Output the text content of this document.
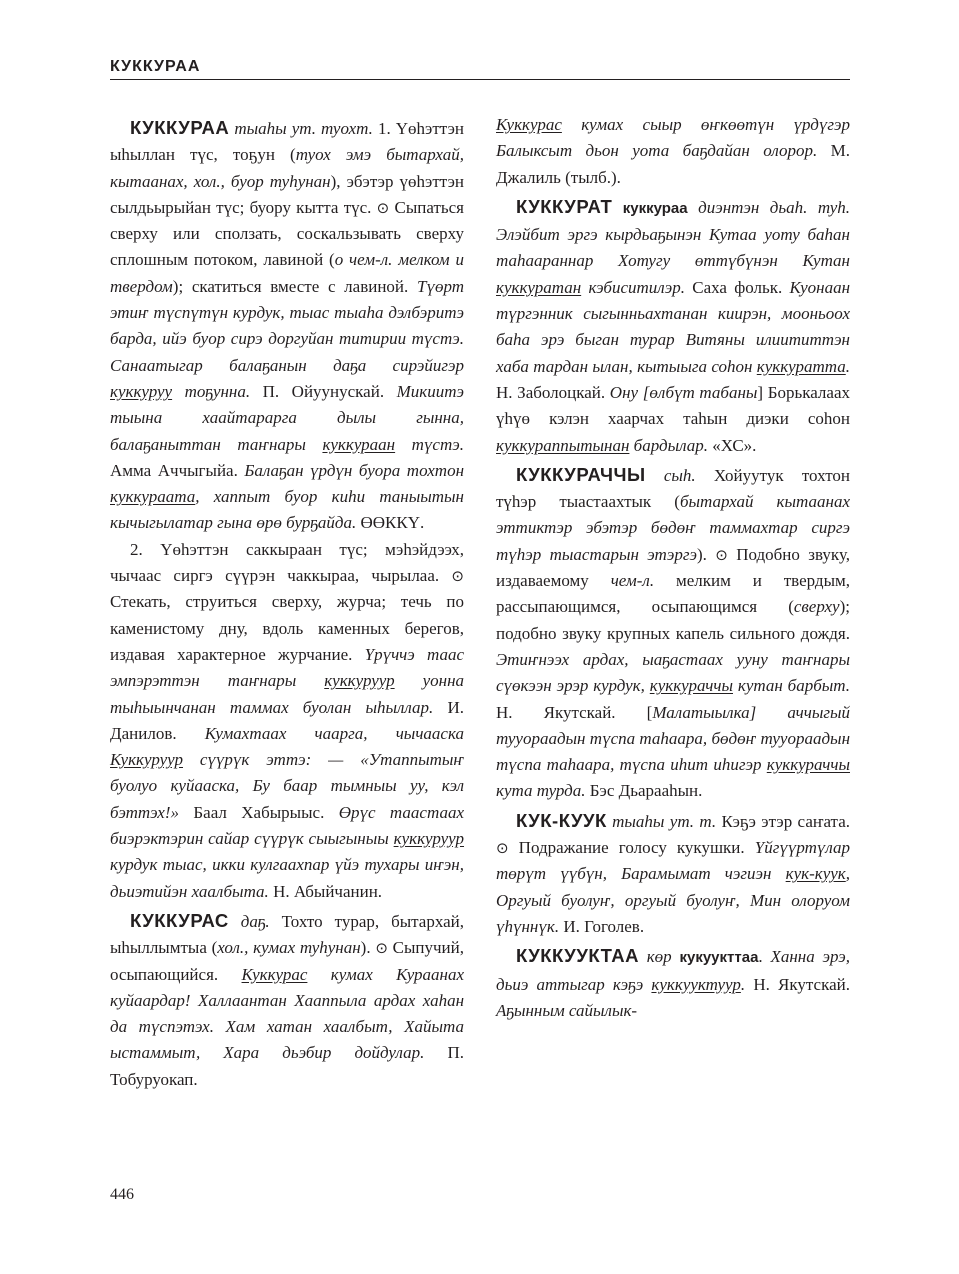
КУККУРАА

КУККУРАА тыаһы ут. туохт. 1. Үөһэттэн ыһыллан түс, тоҕун (туох эмэ бытархай, кытаанах, хол., буор туһунан), эбэтэр үөһэттэн сылдьырыйан түс; буору кытта түс. ⊙ Сыпаться сверху или сползать, соскальзывать сверху сплошным потоком, лавиной (о чем-л. мелком и твердом); скатиться вместе с лавиной. Түөрт этиҥ түспүтүн курдук, тыас тыаһа дэлбэритэ барда, ийэ буор сирэ доргуйан титирии түстэ. Санаатыгар балаҕанын даҕа сирэйигэр куккуруу тоҕунна. П. Ойуунускай. Микиитэ тыына хаайтарарга дылы гынна, балаҕаныттан таҥнары куккураан түстэ. Амма Аччыгыйа. Балаҕан үрдүн буора тохтон куккураата, хаппыт буор киһи таныытын кычыгылатар гына өрө бурҕайда. ӨӨККҮ.

2. Үөһэттэн саккыраан түс; мэһэйдээх, чычаас сиргэ сүүрэн чаккыраа, чырылаа. ⊙ Стекать, струиться сверху, журча; течь по каменистому дну, вдоль каменных берегов, издавая характерное журчание. Үрүччэ таас эмпэрэттэн таҥнары куккуруур уонна тыһыынчанан таммах буолан ыһыллар. И. Данилов. Кумахтаах чаарга, чычааска Куккуруур сүүрүк эттэ: — «Утаппытыҥ буолуо куйааска, Бу баар тымныы уу, кэл бэттэх!» Баал Хабырыыс. Өрүс таастаах биэрэктэрин сайар сүүрүк сыыгыныы куккуруур курдук тыас, икки кулгаахпар үйэ тухары иҥэн, дьиэтийэн хаалбыта. Н. Абыйчанин.

КУККУРАС даҕ. Тохто турар, бытархай, ыһыллымтыа (хол., кумах туһунан). ⊙ Сыпучий, осыпающийся. Куккурас кумах Кураанах куйаардар! Халлаантан Хааппыла ардах хаһан да түспэтэх. Хам хатан хаалбыт, Хайыта ыстаммыт, Хара дьэбир дойдулар. П. Тобуруокап.

Куккурас кумах сыыр өҥкөөтүн үрдүгэр Балыксыт дьон уота баҕдайан олорор. М. Джалиль (тылб.).

КУККУРАТ куккураа диэнтэн дьаһ. туһ. Элэйбит эргэ кырдьаҕынэн Кутаа уоту баһан таһаараннар Хотугу өттүбүнэн Кутан куккуратан кэбиситилэр. Саха фольк. Куонаан түргэнник сыгынньахтанан киирэн, мооньоох баһа эрэ быган турар Витяны илиититтэн хаба тардан ылан, кытыыга соһон куккуратта. Н. Заболоцкай. Ону [өлбүт табаны] Борькалаах үһүө кэлэн хаарчах таһын диэки соһон куккураппытынан бардылар. «ХС».

КУККУРАЧЧЫ сыһ. Хойуутук тохтон түһэр тыастаахтык (бытархай кытаанах эттиктэр эбэтэр бөдөҥ таммахтар сиргэ түһэр тыастарын этэргэ). ⊙ Подобно звуку, издаваемому чем-л. мелким и твердым, рассыпающимся, осыпающимся (сверху); подобно звуку крупных капель сильного дождя. Этиҥнээх ардах, ыаҕастаах ууну таҥнары сүөкээн эрэр курдук, куккураччы кутан барбыт. Н. Якутскай. [Малатыылка] аччыгый тууораадын түспа таһаара, бөдөҥ тууораадын түспа таһаара, түспа иһит иһигэр куккураччы кута турда. Бэс Дьарааһын.

КУК-КУУК тыаһы ут. т. Кэҕэ этэр саҥата. ⊙ Подражание голосу кукушки. Үйгүүртүлар төрүт үүбүн, Барамымат чэгиэн кук-куук, Оргуый буолуҥ, оргуый буолуҥ, Мин олоруом үһүннүк. И. Гоголев.

КУККУУКТАА көр кукуукттаа. Ханна эрэ, дьиэ аттыгар кэҕэ куккууктуур. Н. Якутскай. Аҕынным сайылык-

446
